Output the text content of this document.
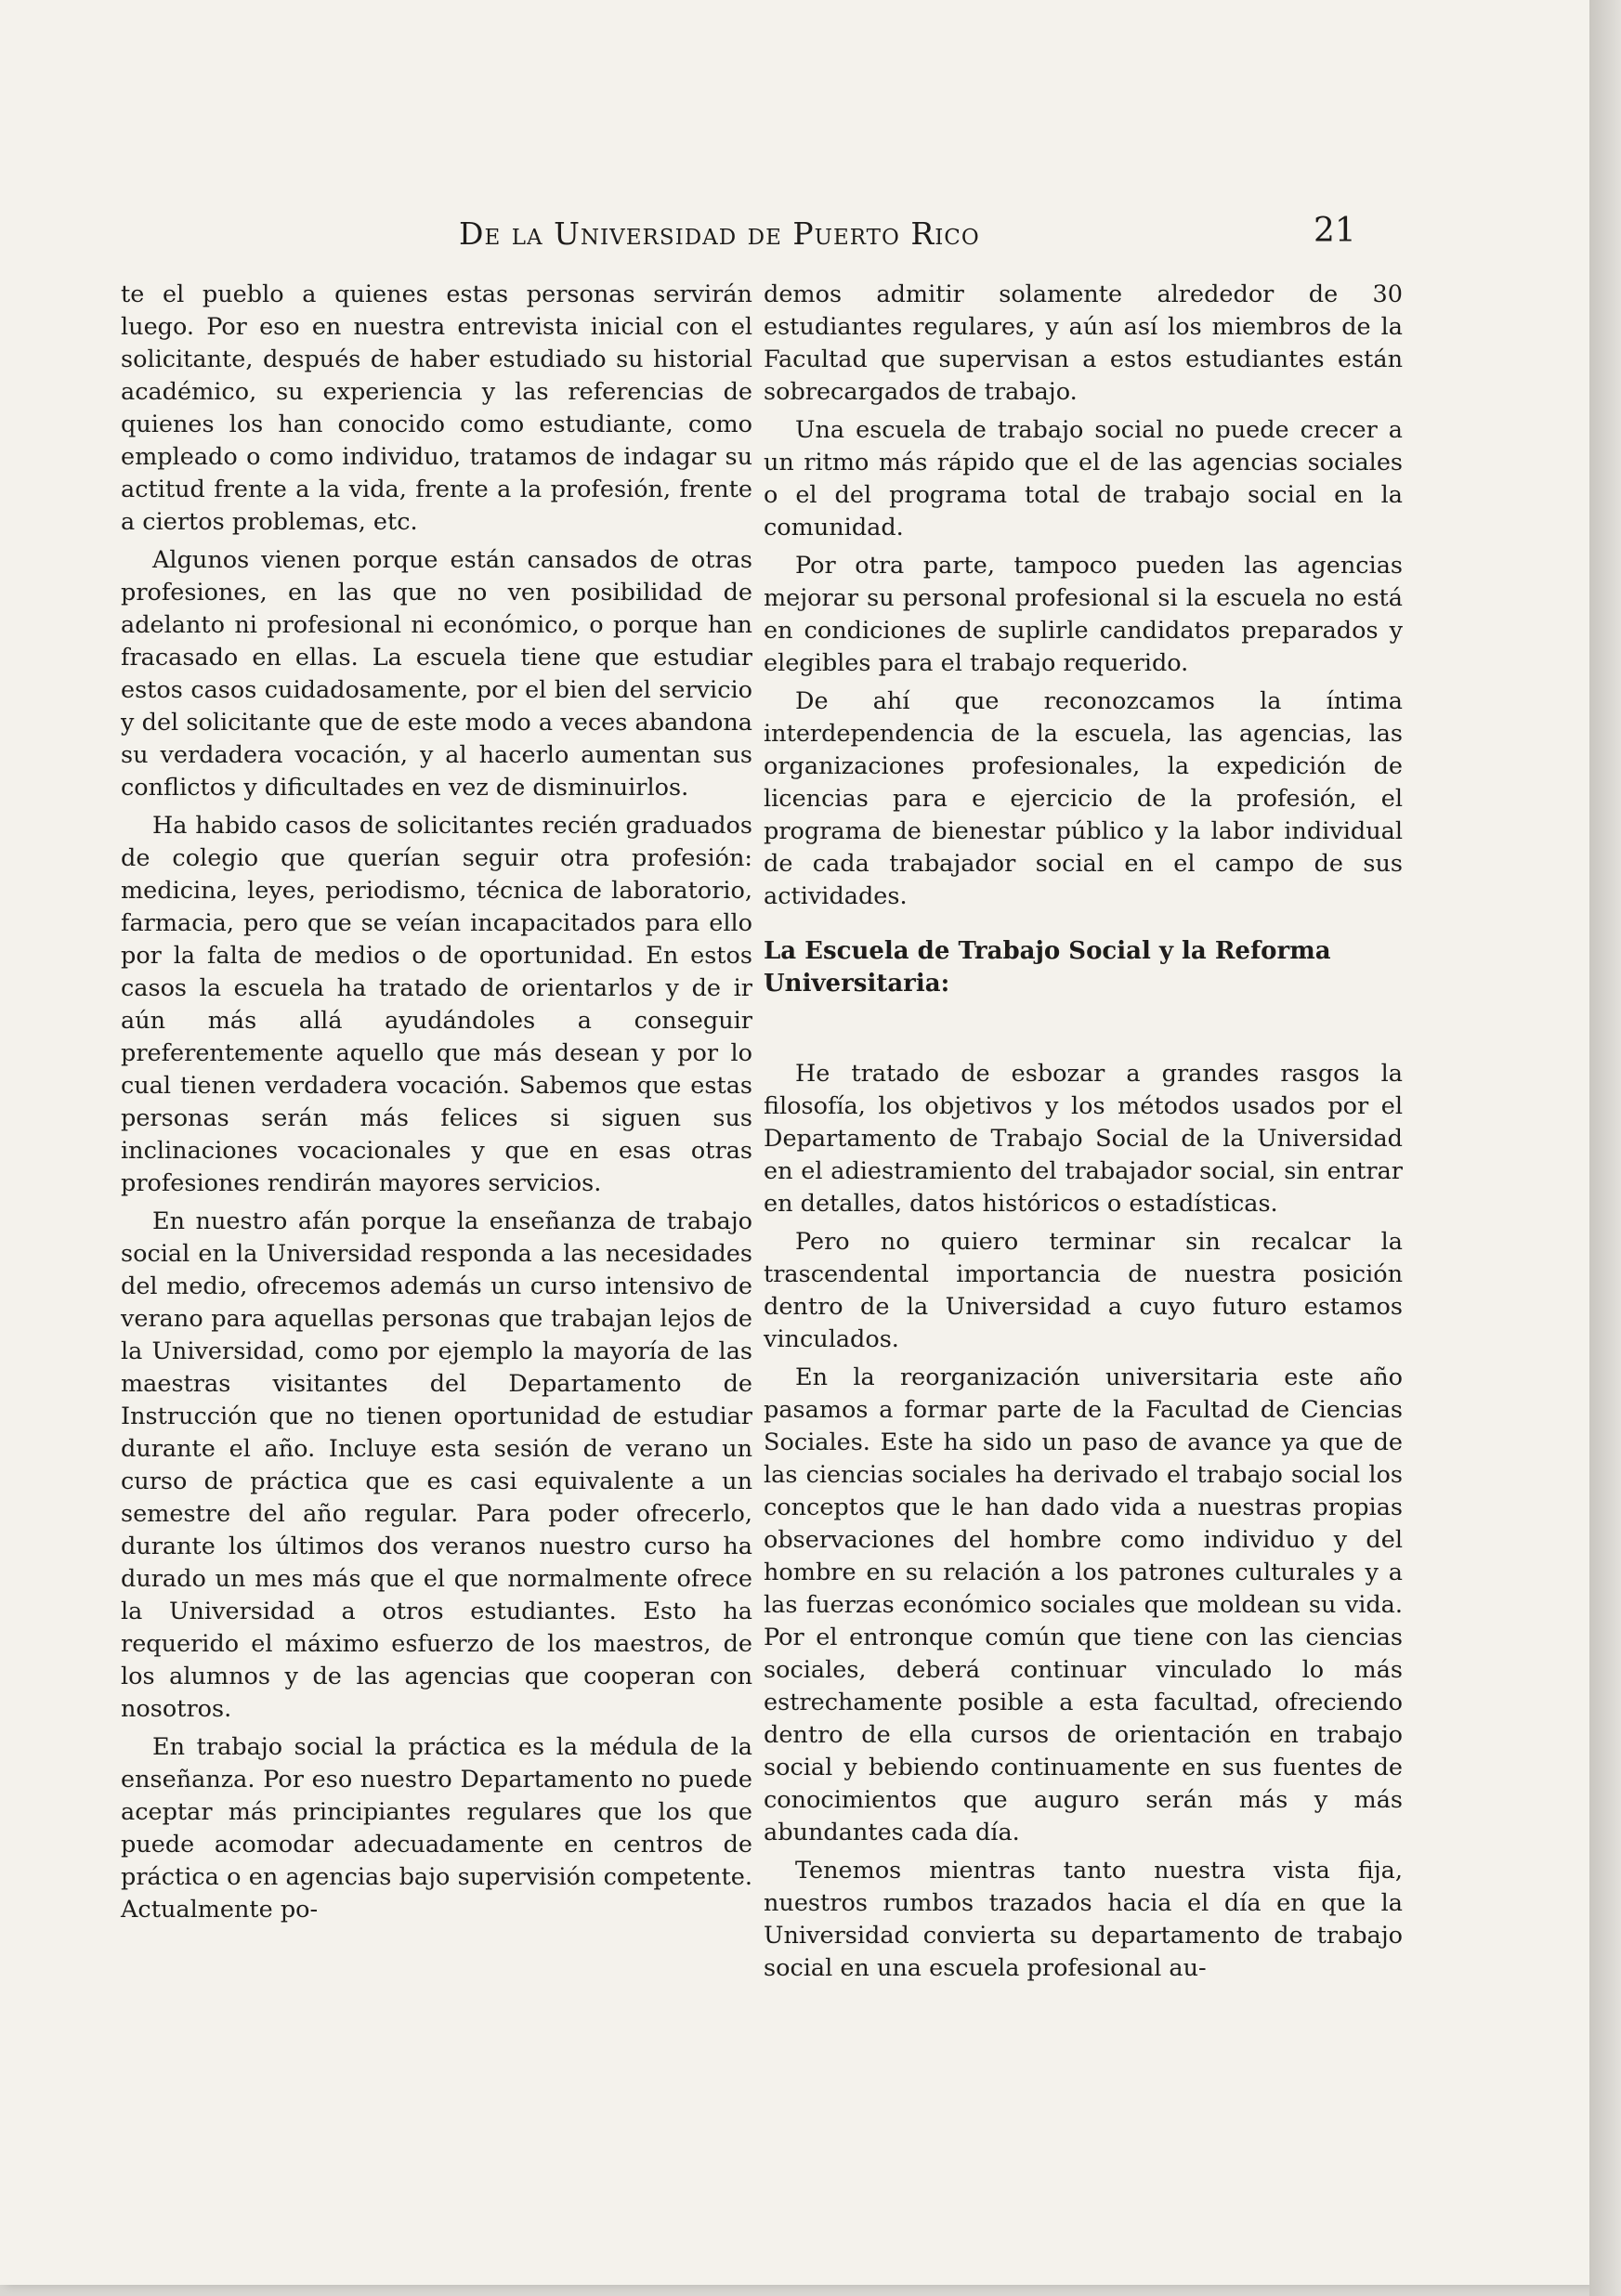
De la Universidad de Puerto Rico	21

te el pueblo a quienes estas personas servirán luego. Por eso en nuestra entrevista inicial con el solicitante, después de haber estudiado su historial académico, su experiencia y las referencias de quienes los han conocido como estudiante, como empleado o como individuo, tratamos de indagar su actitud frente a la vida, frente a la profesión, frente a ciertos problemas, etc.

Algunos vienen porque están cansados de otras profesiones, en las que no ven posibilidad de adelanto ni profesional ni económico, o porque han fracasado en ellas. La escuela tiene que estudiar estos casos cuidadosamente, por el bien del servicio y del solicitante que de este modo a veces abandona su verdadera vocación, y al hacerlo aumentan sus conflictos y dificultades en vez de disminuirlos.

Ha habido casos de solicitantes recién graduados de colegio que querían seguir otra profesión: medicina, leyes, periodismo, técnica de laboratorio, farmacia, pero que se veían incapacitados para ello por la falta de medios o de oportunidad. En estos casos la escuela ha tratado de orientarlos y de ir aún más allá ayudándoles a conseguir preferentemente aquello que más desean y por lo cual tienen verdadera vocación. Sabemos que estas personas serán más felices si siguen sus inclinaciones vocacionales y que en esas otras profesiones rendirán mayores servicios.

En nuestro afán porque la enseñanza de trabajo social en la Universidad responda a las necesidades del medio, ofrecemos además un curso intensivo de verano para aquellas personas que trabajan lejos de la Universidad, como por ejemplo la mayoría de las maestras visitantes del Departamento de Instrucción que no tienen oportunidad de estudiar durante el año. Incluye esta sesión de verano un curso de práctica que es casi equivalente a un semestre del año regular. Para poder ofrecerlo, durante los últimos dos veranos nuestro curso ha durado un mes más que el que normalmente ofrece la Universidad a otros estudiantes. Esto ha requerido el máximo esfuerzo de los maestros, de los alumnos y de las agencias que cooperan con nosotros.

En trabajo social la práctica es la médula de la enseñanza. Por eso nuestro Departamento no puede aceptar más principiantes regulares que los que puede acomodar adecuadamente en centros de práctica o en agencias bajo supervisión competente. Actualmente po-

demos admitir solamente alrededor de 30 estudiantes regulares, y aún así los miembros de la Facultad que supervisan a estos estudiantes están sobrecargados de trabajo.

Una escuela de trabajo social no puede crecer a un ritmo más rápido que el de las agencias sociales o el del programa total de trabajo social en la comunidad.

Por otra parte, tampoco pueden las agencias mejorar su personal profesional si la escuela no está en condiciones de suplirle candidatos preparados y elegibles para el trabajo requerido.

De ahí que reconozcamos la íntima interdependencia de la escuela, las agencias, las organizaciones profesionales, la expedición de licencias para e ejercicio de la profesión, el programa de bienestar público y la labor individual de cada trabajador social en el campo de sus actividades.

La Escuela de Trabajo Social y la Reforma Universitaria:

He tratado de esbozar a grandes rasgos la filosofía, los objetivos y los métodos usados por el Departamento de Trabajo Social de la Universidad en el adiestramiento del trabajador social, sin entrar en detalles, datos históricos o estadísticas.

Pero no quiero terminar sin recalcar la trascendental importancia de nuestra posición dentro de la Universidad a cuyo futuro estamos vinculados.

En la reorganización universitaria este año pasamos a formar parte de la Facultad de Ciencias Sociales. Este ha sido un paso de avance ya que de las ciencias sociales ha derivado el trabajo social los conceptos que le han dado vida a nuestras propias observaciones del hombre como individuo y del hombre en su relación a los patrones culturales y a las fuerzas económico sociales que moldean su vida. Por el entronque común que tiene con las ciencias sociales, deberá continuar vinculado lo más estrechamente posible a esta facultad, ofreciendo dentro de ella cursos de orientación en trabajo social y bebiendo continuamente en sus fuentes de conocimientos que auguro serán más y más abundantes cada día.

Tenemos mientras tanto nuestra vista fija, nuestros rumbos trazados hacia el día en que la Universidad convierta su departamento de trabajo social en una escuela profesional au-
